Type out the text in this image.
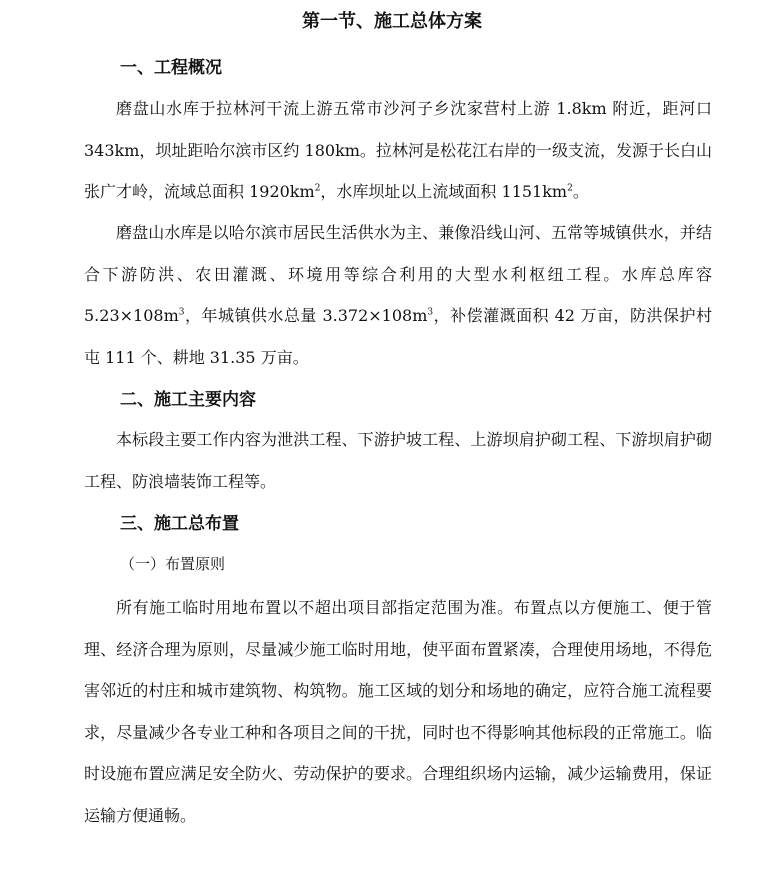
第一节、施工总体方案
一、工程概况

磨盘山水库于拉林河干流上游五常市沙河子乡沈家营村上游 1.8km 附近，距河口 343km，坝址距哈尔滨市区约 180km。拉林河是松花江右岸的一级支流，发源于长白山张广才岭，流域总面积 $1920km^2$，水库坝址以上流域面积 $1151km^2$。

磨盘山水库是以哈尔滨市居民生活供水为主、兼像沿线山河、五常等城镇供水，并结合下游防洪、农田灌溉、环境用等综合利用的大型水利枢纽工程。水库总库容 $5.23\times 108m^3$，年城镇供水总量 $3.372\times 108m^3$，补偿灌溉面积 42 万亩，防洪保护村屯 111 个、耕地 31.35 万亩。

二、施工主要内容

本标段主要工作内容为泄洪工程、下游护坡工程、上游坝肩护砌工程、下游坝肩护砌工程、防浪墙装饰工程等。

三、施工总布置
（一）布置原则

所有施工临时用地布置以不超出项目部指定范围为准。布置点以方便施工、便于管理、经济合理为原则，尽量减少施工临时用地，使平面布置紧凑，合理使用场地，不得危害邻近的村庄和城市建筑物、构筑物。施工区域的划分和场地的确定，应符合施工流程要求，尽量减少各专业工种和各项目之间的干扰，同时也不得影响其他标段的正常施工。临时设施布置应满足安全防火、劳动保护的要求。合理组织场内运输，减少运输费用，保证运输方便通畅。
